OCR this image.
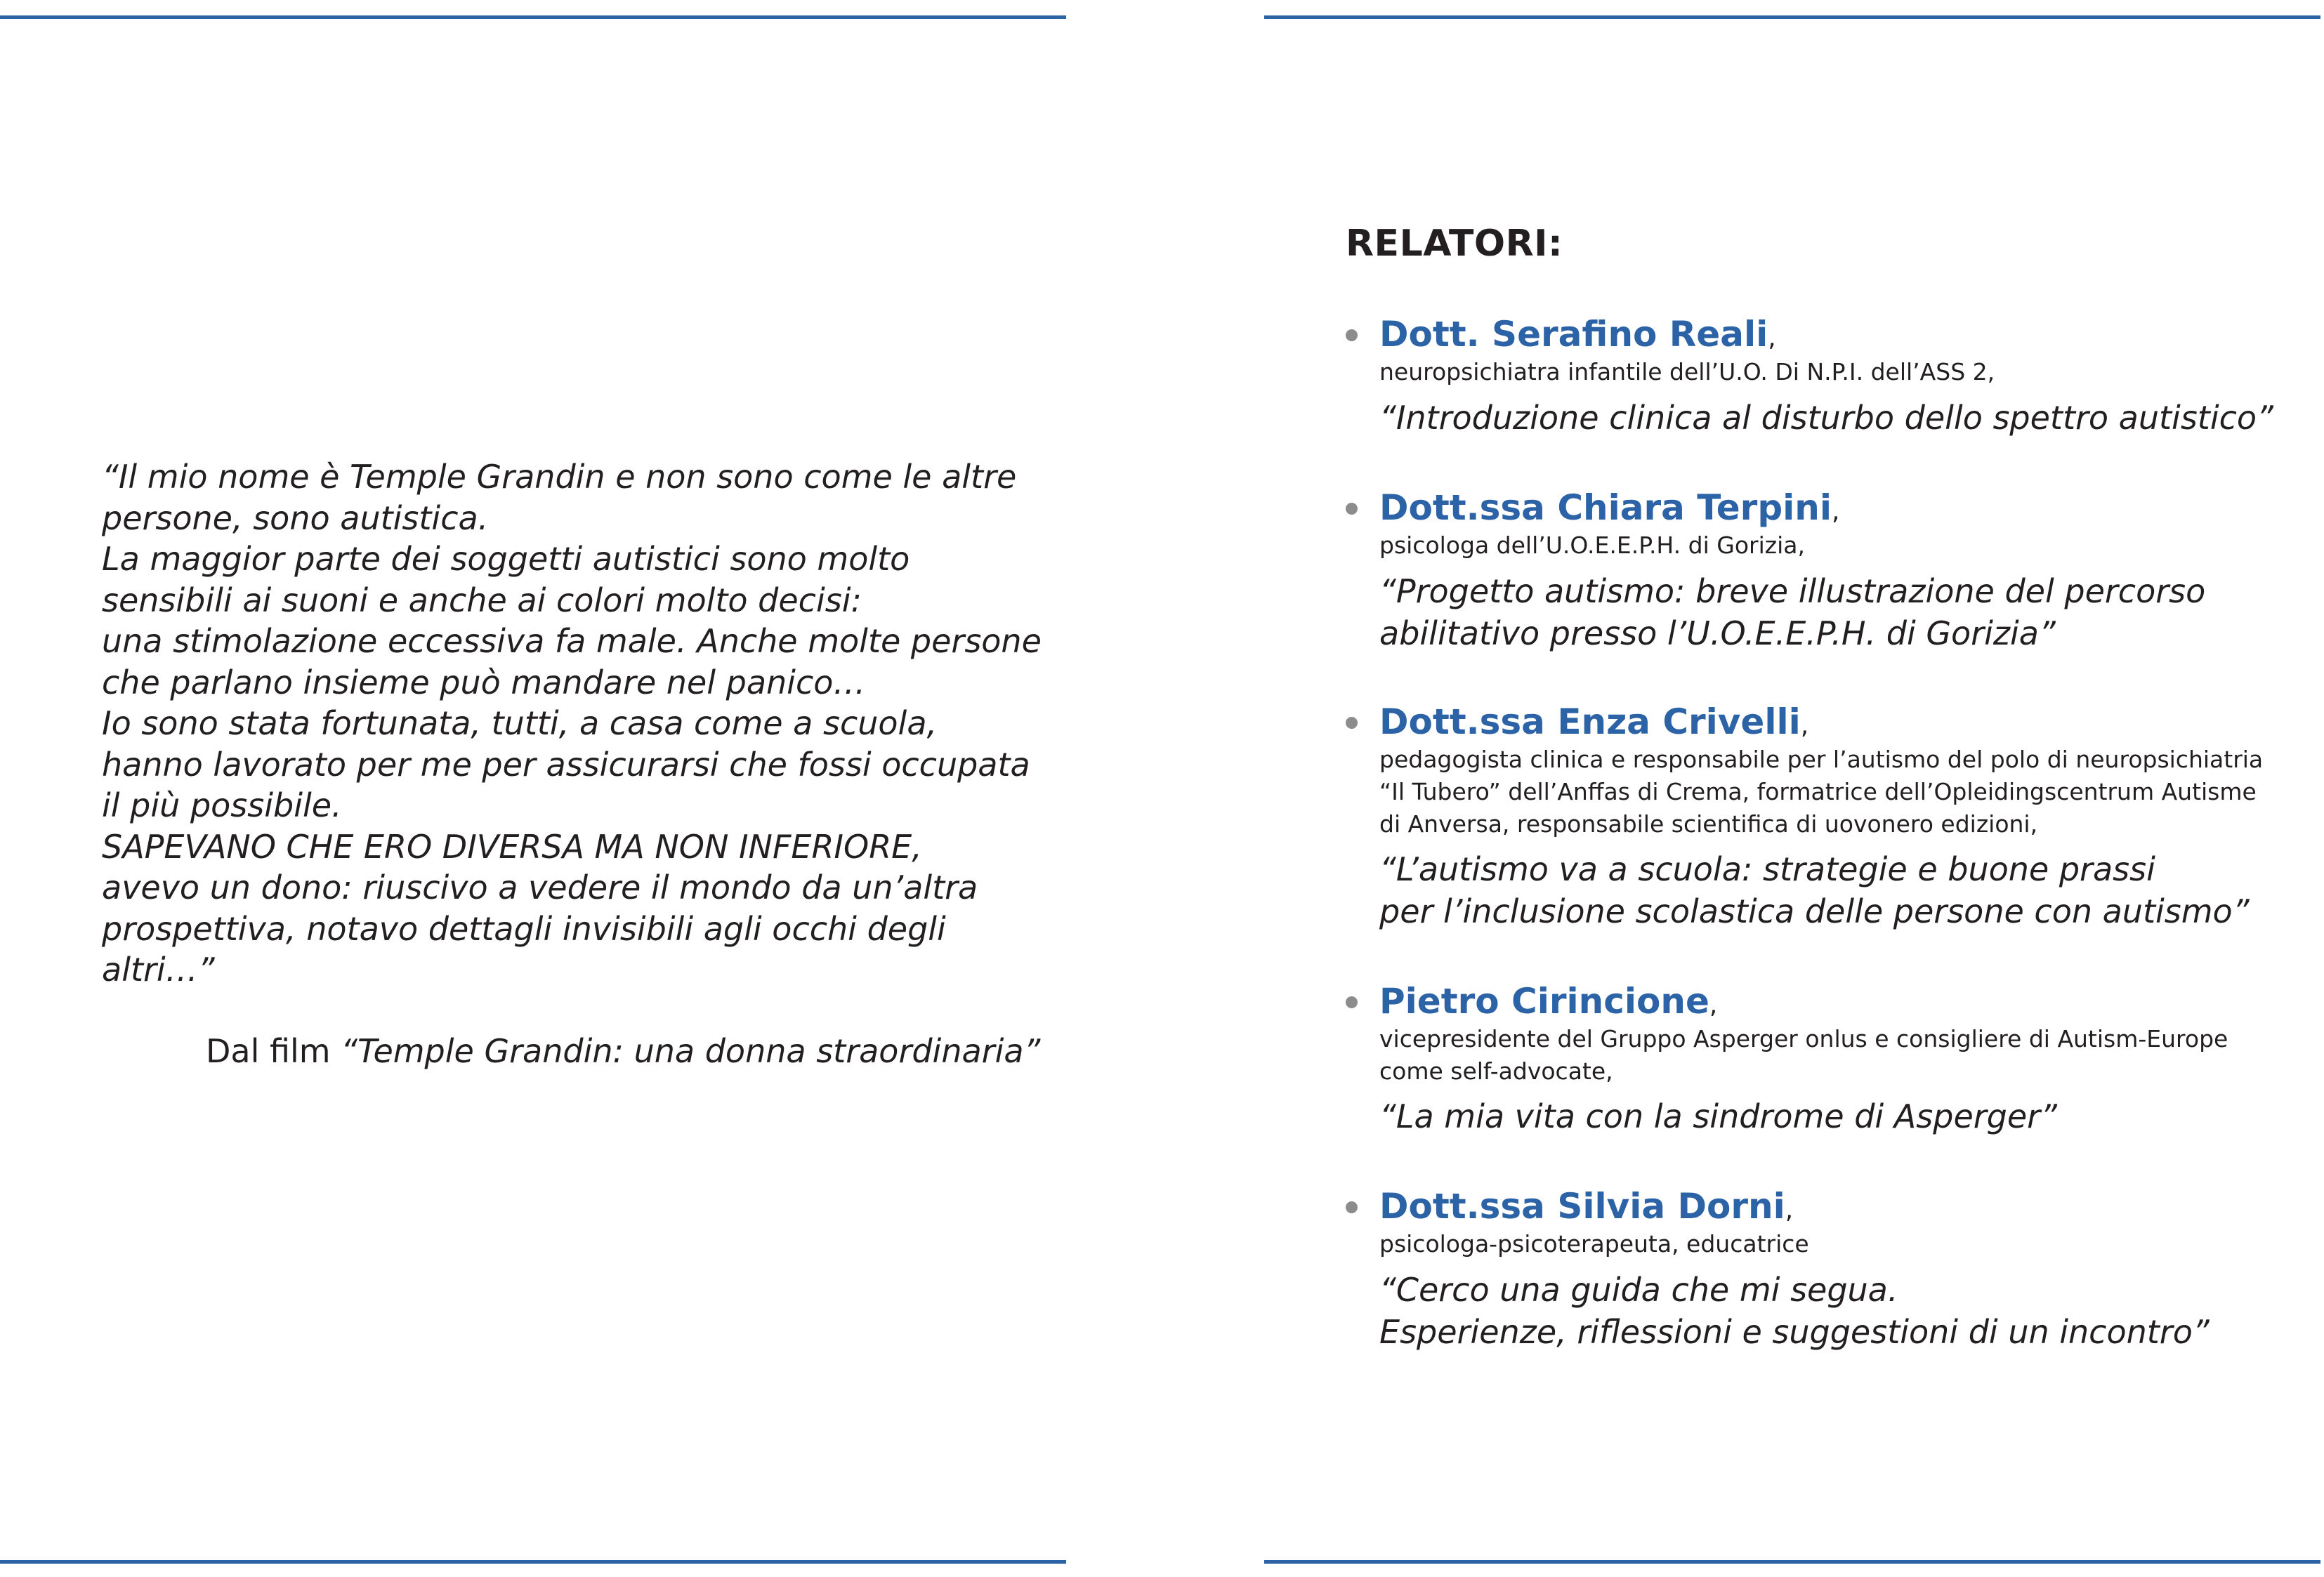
“Il mio nome è Temple Grandin e non sono come le altre
persone, sono autistica.
La maggior parte dei soggetti autistici sono molto
sensibili ai suoni e anche ai colori molto decisi:
una stimolazione eccessiva fa male. Anche molte persone
che parlano insieme può mandare nel panico…
Io sono stata fortunata, tutti, a casa come a scuola,
hanno lavorato per me per assicurarsi che fossi occupata
il più possibile.
SAPEVANO CHE ERO DIVERSA MA NON INFERIORE,
avevo un dono: riuscivo a vedere il mondo da un’altra
prospettiva, notavo dettagli invisibili agli occhi degli
altri…”
Dal film “Temple Grandin: una donna straordinaria”
RELATORI:
Dott. Serafino Reali,
neuropsichiatra infantile dell’U.O. Di N.P.I. dell’ASS 2,
“Introduzione clinica al disturbo dello spettro autistico”
Dott.ssa Chiara Terpini,
psicologa dell’U.O.E.E.P.H. di Gorizia,
“Progetto autismo: breve illustrazione del percorso
abilitativo presso l’U.O.E.E.P.H. di Gorizia”
Dott.ssa Enza Crivelli,
pedagogista clinica e responsabile per l’autismo del polo di neuropsichiatria
“Il Tubero” dell’Anffas di Crema, formatrice dell’Opleidingscentrum Autisme
di Anversa, responsabile scientifica di uovonero edizioni,
“L’autismo va a scuola: strategie e buone prassi
per l’inclusione scolastica delle persone con autismo”
Pietro Cirincione,
vicepresidente del Gruppo Asperger onlus e consigliere di Autism-Europe
come self-advocate,
“La mia vita con la sindrome di Asperger”
Dott.ssa Silvia Dorni,
psicologa-psicoterapeuta, educatrice
“Cerco una guida che mi segua.
Esperienze, riflessioni e suggestioni di un incontro”
